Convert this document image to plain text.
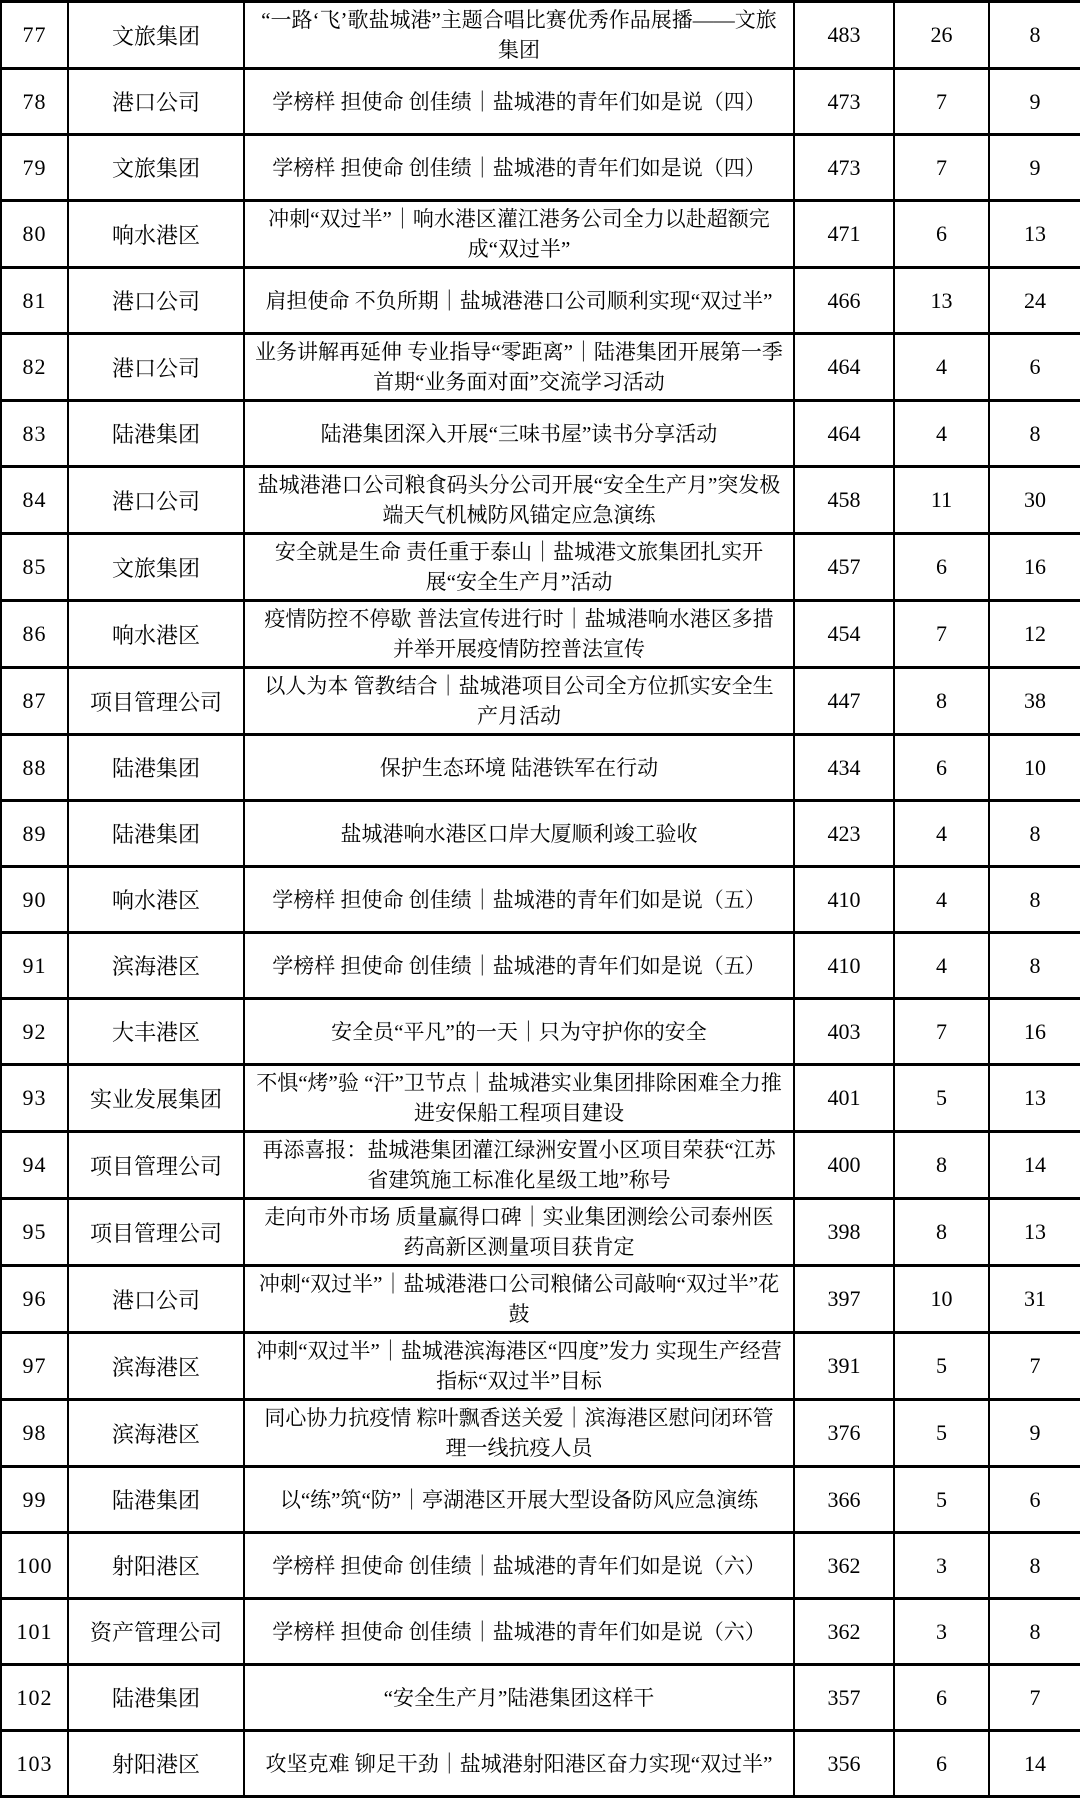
77	文旅集团	“一路‘飞’歌盐城港”主题合唱比赛优秀作品展播——文旅集团	483	26	8
78	港口公司	学榜样 担使命 创佳绩｜盐城港的青年们如是说（四）	473	7	9
79	文旅集团	学榜样 担使命 创佳绩｜盐城港的青年们如是说（四）	473	7	9
80	响水港区	冲刺“双过半”｜响水港区灌江港务公司全力以赴超额完成“双过半”	471	6	13
81	港口公司	肩担使命 不负所期｜盐城港港口公司顺利实现“双过半”	466	13	24
82	港口公司	业务讲解再延伸 专业指导“零距离”｜陆港集团开展第一季首期“业务面对面”交流学习活动	464	4	6
83	陆港集团	陆港集团深入开展“三味书屋”读书分享活动	464	4	8
84	港口公司	盐城港港口公司粮食码头分公司开展“安全生产月”突发极端天气机械防风锚定应急演练	458	11	30
85	文旅集团	安全就是生命 责任重于泰山｜盐城港文旅集团扎实开展“安全生产月”活动	457	6	16
86	响水港区	疫情防控不停歇 普法宣传进行时｜盐城港响水港区多措并举开展疫情防控普法宣传	454	7	12
87	项目管理公司	以人为本 管教结合｜盐城港项目公司全方位抓实安全生产月活动	447	8	38
88	陆港集团	保护生态环境 陆港铁军在行动	434	6	10
89	陆港集团	盐城港响水港区口岸大厦顺利竣工验收	423	4	8
90	响水港区	学榜样 担使命 创佳绩｜盐城港的青年们如是说（五）	410	4	8
91	滨海港区	学榜样 担使命 创佳绩｜盐城港的青年们如是说（五）	410	4	8
92	大丰港区	安全员“平凡”的一天｜只为守护你的安全	403	7	16
93	实业发展集团	不惧“烤”验 “汗”卫节点｜盐城港实业集团排除困难全力推进安保船工程项目建设	401	5	13
94	项目管理公司	再添喜报：盐城港集团灌江绿洲安置小区项目荣获“江苏省建筑施工标准化星级工地”称号	400	8	14
95	项目管理公司	走向市外市场 质量赢得口碑｜实业集团测绘公司泰州医药高新区测量项目获肯定	398	8	13
96	港口公司	冲刺“双过半”｜盐城港港口公司粮储公司敲响“双过半”花鼓	397	10	31
97	滨海港区	冲刺“双过半”｜盐城港滨海港区“四度”发力 实现生产经营指标“双过半”目标	391	5	7
98	滨海港区	同心协力抗疫情 粽叶飘香送关爱｜滨海港区慰问闭环管理一线抗疫人员	376	5	9
99	陆港集团	以“练”筑“防”｜亭湖港区开展大型设备防风应急演练	366	5	6
100	射阳港区	学榜样 担使命 创佳绩｜盐城港的青年们如是说（六）	362	3	8
101	资产管理公司	学榜样 担使命 创佳绩｜盐城港的青年们如是说（六）	362	3	8
102	陆港集团	“安全生产月”陆港集团这样干	357	6	7
103	射阳港区	攻坚克难 铆足干劲｜盐城港射阳港区奋力实现“双过半”	356	6	14
